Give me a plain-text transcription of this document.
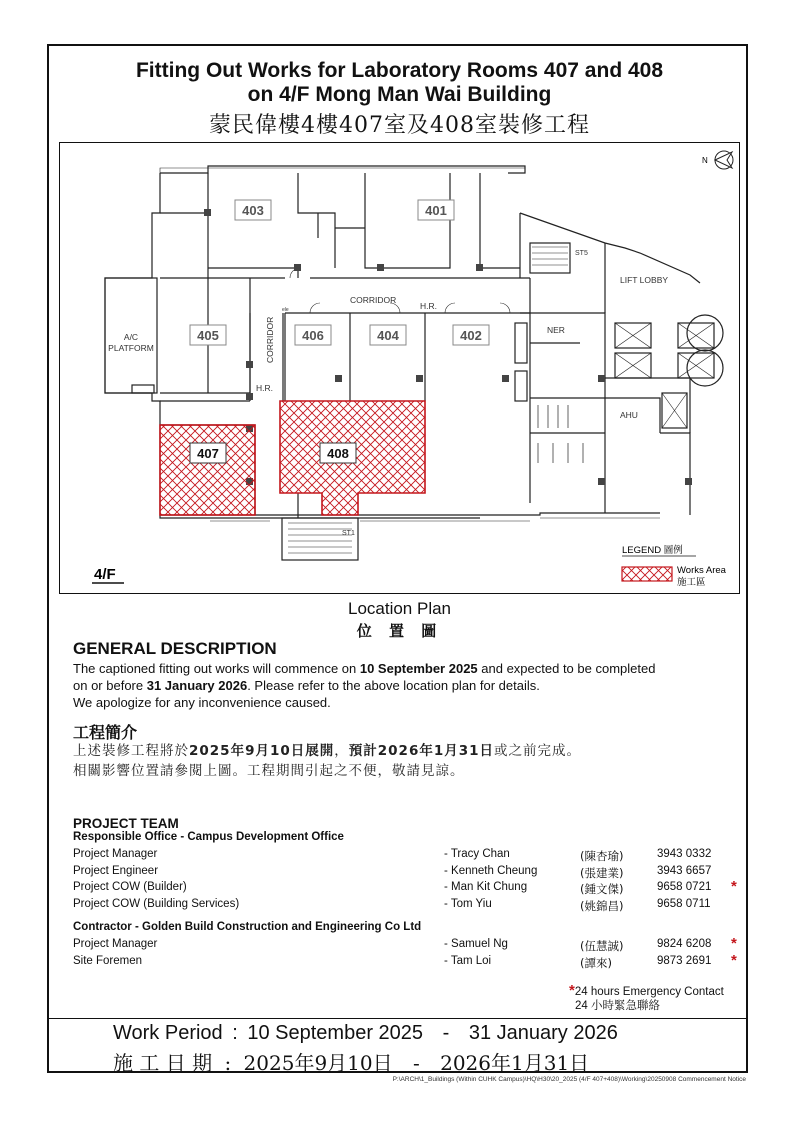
Fitting Out Works for Laboratory Rooms 407 and 408
on 4/F Mong Man Wai Building
蒙民偉樓4樓407室及408室裝修工程
403	401
405	406	404	402
407	408
CORRIDOR
CORRIDOR
H.R.
H.R.
A/C
PLATFORM
LIFT LOBBY
NER
AHU
ST5
ST1
ele
N
4/F
LEGEND 圖例
Works Area
施工區
Location Plan
位 置 圖
GENERAL DESCRIPTION
The captioned fitting out works will commence on 10 September 2025 and expected to be completed
on or before 31 January 2026. Please refer to the above location plan for details.
We apologize for any inconvenience caused.
工程簡介
上述裝修工程將於2025年9月10日展開，預計2026年1月31日或之前完成。
相關影響位置請參閱上圖。工程期間引起之不便，敬請見諒。
PROJECT TEAM
Responsible Office - Campus Development Office
Project Manager	- Tracy Chan	(陳杏瑜)	3943 0332
Project Engineer	- Kenneth Cheung	(張建業)	3943 6657
Project COW (Builder)	- Man Kit Chung	(鍾文傑)	9658 0721 *
Project COW (Building Services)	- Tom Yiu	(姚錦昌)	9658 0711
Contractor - Golden Build Construction and Engineering Co Ltd
Project Manager	- Samuel Ng	(伍慧誠)	9824 6208 *
Site Foremen	- Tam Loi	(譚來)	9873 2691 *
*24 hours Emergency Contact
24 小時緊急聯絡
Work Period : 10 September 2025 - 31 January 2026
施 工 日 期 : 2025年9月10日 - 2026年1月31日
P:\ARCH\1_Buildings (Within CUHK Campus)\HQ\H30\20_2025 (4/F 407+408)\Working\20250908 Commencement Notice
